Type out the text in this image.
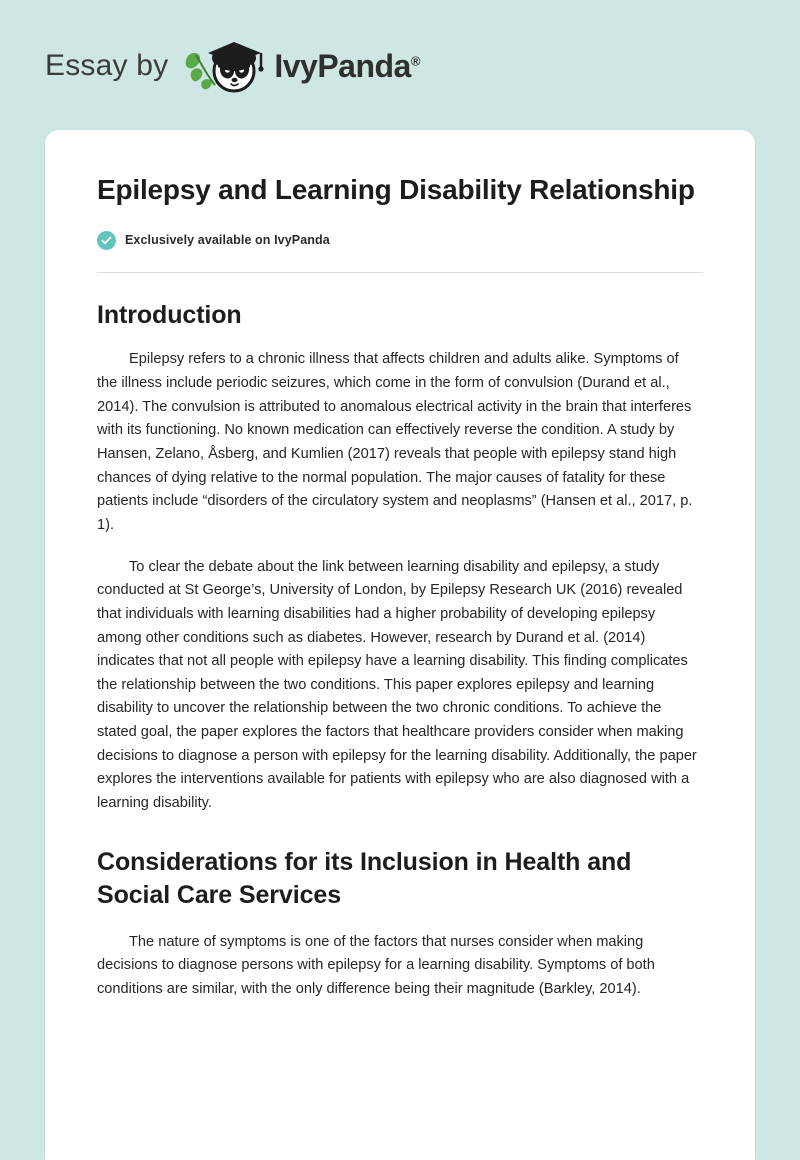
Essay by	IvyPanda®
Epilepsy and Learning Disability Relationship
Exclusively available on IvyPanda
Introduction

Epilepsy refers to a chronic illness that affects children and adults alike. Symptoms of the illness include periodic seizures, which come in the form of convulsion (Durand et al., 2014). The convulsion is attributed to anomalous electrical activity in the brain that interferes with its functioning. No known medication can effectively reverse the condition. A study by Hansen, Zelano, Åsberg, and Kumlien (2017) reveals that people with epilepsy stand high chances of dying relative to the normal population. The major causes of fatality for these patients include “disorders of the circulatory system and neoplasms” (Hansen et al., 2017, p. 1).

To clear the debate about the link between learning disability and epilepsy, a study conducted at St George’s, University of London, by Epilepsy Research UK (2016) revealed that individuals with learning disabilities had a higher probability of developing epilepsy among other conditions such as diabetes. However, research by Durand et al. (2014) indicates that not all people with epilepsy have a learning disability. This finding complicates the relationship between the two conditions. This paper explores epilepsy and learning disability to uncover the relationship between the two chronic conditions. To achieve the stated goal, the paper explores the factors that healthcare providers consider when making decisions to diagnose a person with epilepsy for the learning disability. Additionally, the paper explores the interventions available for patients with epilepsy who are also diagnosed with a learning disability.

Considerations for its Inclusion in Health and Social Care Services

The nature of symptoms is one of the factors that nurses consider when making decisions to diagnose persons with epilepsy for a learning disability. Symptoms of both conditions are similar, with the only difference being their magnitude (Barkley, 2014).
